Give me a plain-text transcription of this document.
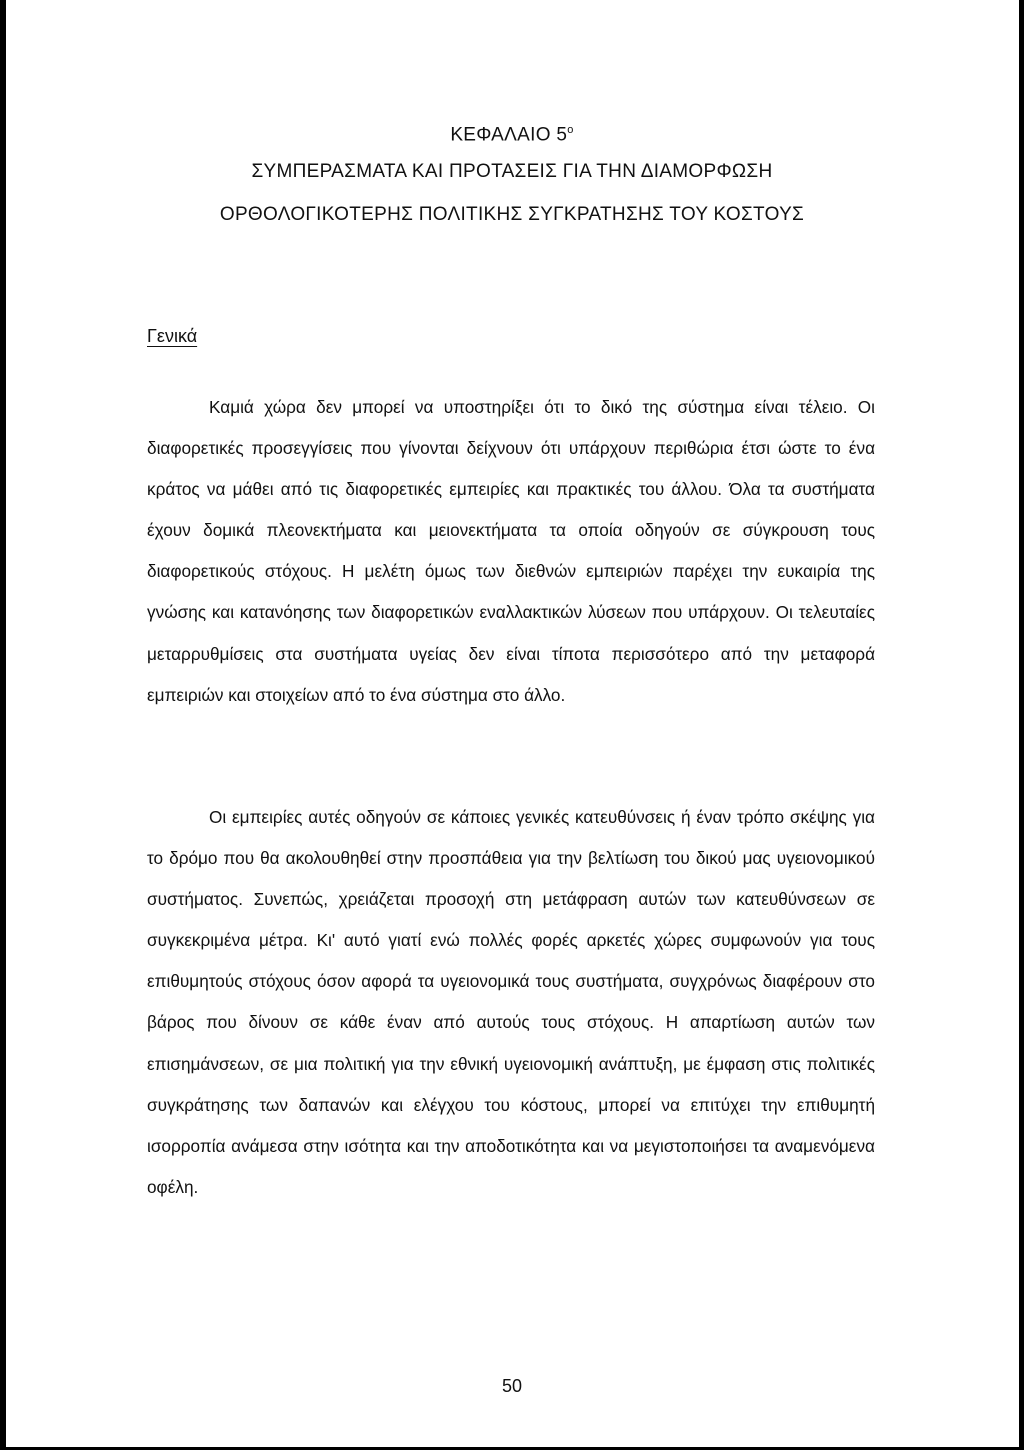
ΚΕΦΑΛΑΙΟ $5^o$
ΣΥΜΠΕΡΑΣΜΑΤΑ ΚΑΙ ΠΡΟΤΑΣΕΙΣ ΓΙΑ ΤΗΝ ΔΙΑΜΟΡΦΩΣΗ
ΟΡΘΟΛΟΓΙΚΟΤΕΡΗΣ ΠΟΛΙΤΙΚΗΣ ΣΥΓΚΡΑΤΗΣΗΣ ΤΟΥ ΚΟΣΤΟΥΣ
Γενικά

Καμιά χώρα δεν μπορεί να υποστηρίξει ότι το δικό της σύστημα είναι τέλειο. Οι διαφορετικές προσεγγίσεις που γίνονται δείχνουν ότι υπάρχουν περιθώρια έτσι ώστε το ένα κράτος να μάθει από τις διαφορετικές εμπειρίες και πρακτικές του άλλου. Όλα τα συστήματα έχουν δομικά πλεονεκτήματα και μειονεκτήματα τα οποία οδηγούν σε σύγκρουση τους διαφορετικούς στόχους. Η μελέτη όμως των διεθνών εμπειριών παρέχει την ευκαιρία της γνώσης και κατανόησης των διαφορετικών εναλλακτικών λύσεων που υπάρχουν. Οι τελευταίες μεταρρυθμίσεις στα συστήματα υγείας δεν είναι τίποτα περισσότερο από την μεταφορά εμπειριών και στοιχείων από το ένα σύστημα στο άλλο.

Οι εμπειρίες αυτές οδηγούν σε κάποιες γενικές κατευθύνσεις ή έναν τρόπο σκέψης για το δρόμο που θα ακολουθηθεί στην προσπάθεια για την βελτίωση του δικού μας υγειονομικού συστήματος. Συνεπώς, χρειάζεται προσοχή στη μετάφραση αυτών των κατευθύνσεων σε συγκεκριμένα μέτρα. Κι' αυτό γιατί ενώ πολλές φορές αρκετές χώρες συμφωνούν για τους επιθυμητούς στόχους όσον αφορά τα υγειονομικά τους συστήματα, συγχρόνως διαφέρουν στο βάρος που δίνουν σε κάθε έναν από αυτούς τους στόχους. Η απαρτίωση αυτών των επισημάνσεων, σε μια πολιτική για την εθνική υγειονομική ανάπτυξη, με έμφαση στις πολιτικές συγκράτησης των δαπανών και ελέγχου του κόστους, μπορεί να επιτύχει την επιθυμητή ισορροπία ανάμεσα στην ισότητα και την αποδοτικότητα και να μεγιστοποιήσει τα αναμενόμενα οφέλη.

50
